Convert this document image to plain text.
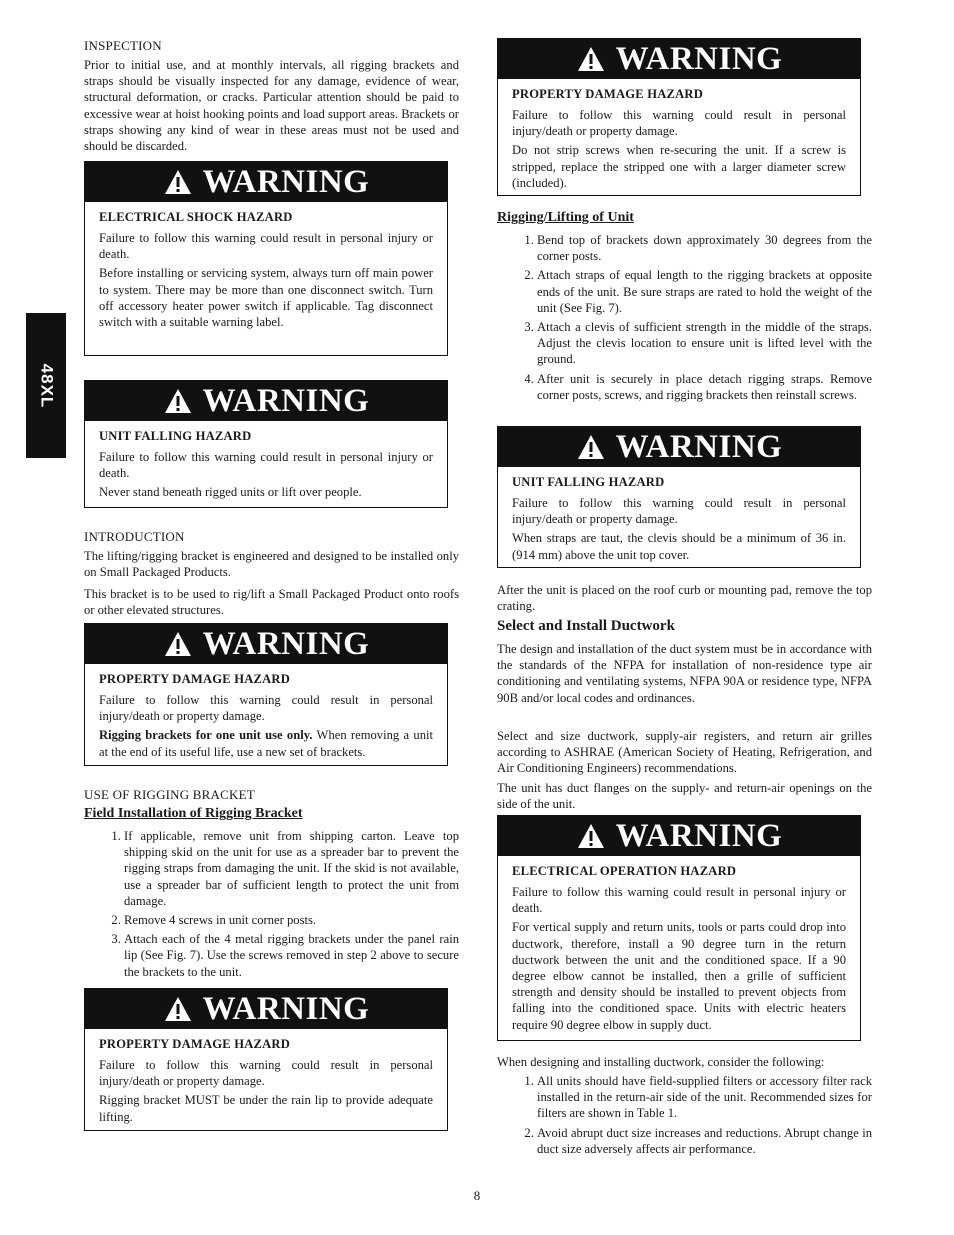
48XL
INSPECTION

Prior to initial use, and at monthly intervals, all rigging brackets and straps should be visually inspected for any damage, evidence of wear, structural deformation, or cracks. Particular attention should be paid to excessive wear at hoist hooking points and load support areas. Brackets or straps showing any kind of wear in these areas must not be used and should be discarded.

WARNING
ELECTRICAL SHOCK HAZARD

Failure to follow this warning could result in personal injury or death.

Before installing or servicing system, always turn off main power to system. There may be more than one disconnect switch. Turn off accessory heater power switch if applicable. Tag disconnect switch with a suitable warning label.

WARNING
UNIT FALLING HAZARD

Failure to follow this warning could result in personal injury or death.

Never stand beneath rigged units or lift over people.

INTRODUCTION

The lifting/rigging bracket is engineered and designed to be installed only on Small Packaged Products.

This bracket is to be used to rig/lift a Small Packaged Product onto roofs or other elevated structures.

WARNING
PROPERTY DAMAGE HAZARD

Failure to follow this warning could result in personal injury/death or property damage.

Rigging brackets for one unit use only. When removing a unit at the end of its useful life, use a new set of brackets.

USE OF RIGGING BRACKET
Field Installation of Rigging Bracket
1. If applicable, remove unit from shipping carton. Leave top shipping skid on the unit for use as a spreader bar to prevent the rigging straps from damaging the unit. If the skid is not available, use a spreader bar of sufficient length to protect the unit from damage.
2. Remove 4 screws in unit corner posts.
3. Attach each of the 4 metal rigging brackets under the panel rain lip (See Fig. 7). Use the screws removed in step 2 above to secure the brackets to the unit.
WARNING
PROPERTY DAMAGE HAZARD

Failure to follow this warning could result in personal injury/death or property damage.

Rigging bracket MUST be under the rain lip to provide adequate lifting.

WARNING
PROPERTY DAMAGE HAZARD

Failure to follow this warning could result in personal injury/death or property damage.

Do not strip screws when re-securing the unit. If a screw is stripped, replace the stripped one with a larger diameter screw (included).

Rigging/Lifting of Unit
1. Bend top of brackets down approximately 30 degrees from the corner posts.
2. Attach straps of equal length to the rigging brackets at opposite ends of the unit. Be sure straps are rated to hold the weight of the unit (See Fig. 7).
3. Attach a clevis of sufficient strength in the middle of the straps. Adjust the clevis location to ensure unit is lifted level with the ground.
4. After unit is securely in place detach rigging straps. Remove corner posts, screws, and rigging brackets then reinstall screws.
WARNING
UNIT FALLING HAZARD

Failure to follow this warning could result in personal injury/death or property damage.

When straps are taut, the clevis should be a minimum of 36 in. (914 mm) above the unit top cover.

After the unit is placed on the roof curb or mounting pad, remove the top crating.

Select and Install Ductwork

The design and installation of the duct system must be in accordance with the standards of the NFPA for installation of non-residence type air conditioning and ventilating systems, NFPA 90A or residence type, NFPA 90B and/or local codes and ordinances.

Select and size ductwork, supply-air registers, and return air grilles according to ASHRAE (American Society of Heating, Refrigeration, and Air Conditioning Engineers) recommendations.

The unit has duct flanges on the supply- and return-air openings on the side of the unit.

WARNING
ELECTRICAL OPERATION HAZARD

Failure to follow this warning could result in personal injury or death.

For vertical supply and return units, tools or parts could drop into ductwork, therefore, install a 90 degree turn in the return ductwork between the unit and the conditioned space. If a 90 degree elbow cannot be installed, then a grille of sufficient strength and density should be installed to prevent objects from falling into the conditioned space. Units with electric heaters require 90 degree elbow in supply duct.

When designing and installing ductwork, consider the following:

1. All units should have field-supplied filters or accessory filter rack installed in the return-air side of the unit. Recommended sizes for filters are shown in Table 1.
2. Avoid abrupt duct size increases and reductions. Abrupt change in duct size adversely affects air performance.
8
